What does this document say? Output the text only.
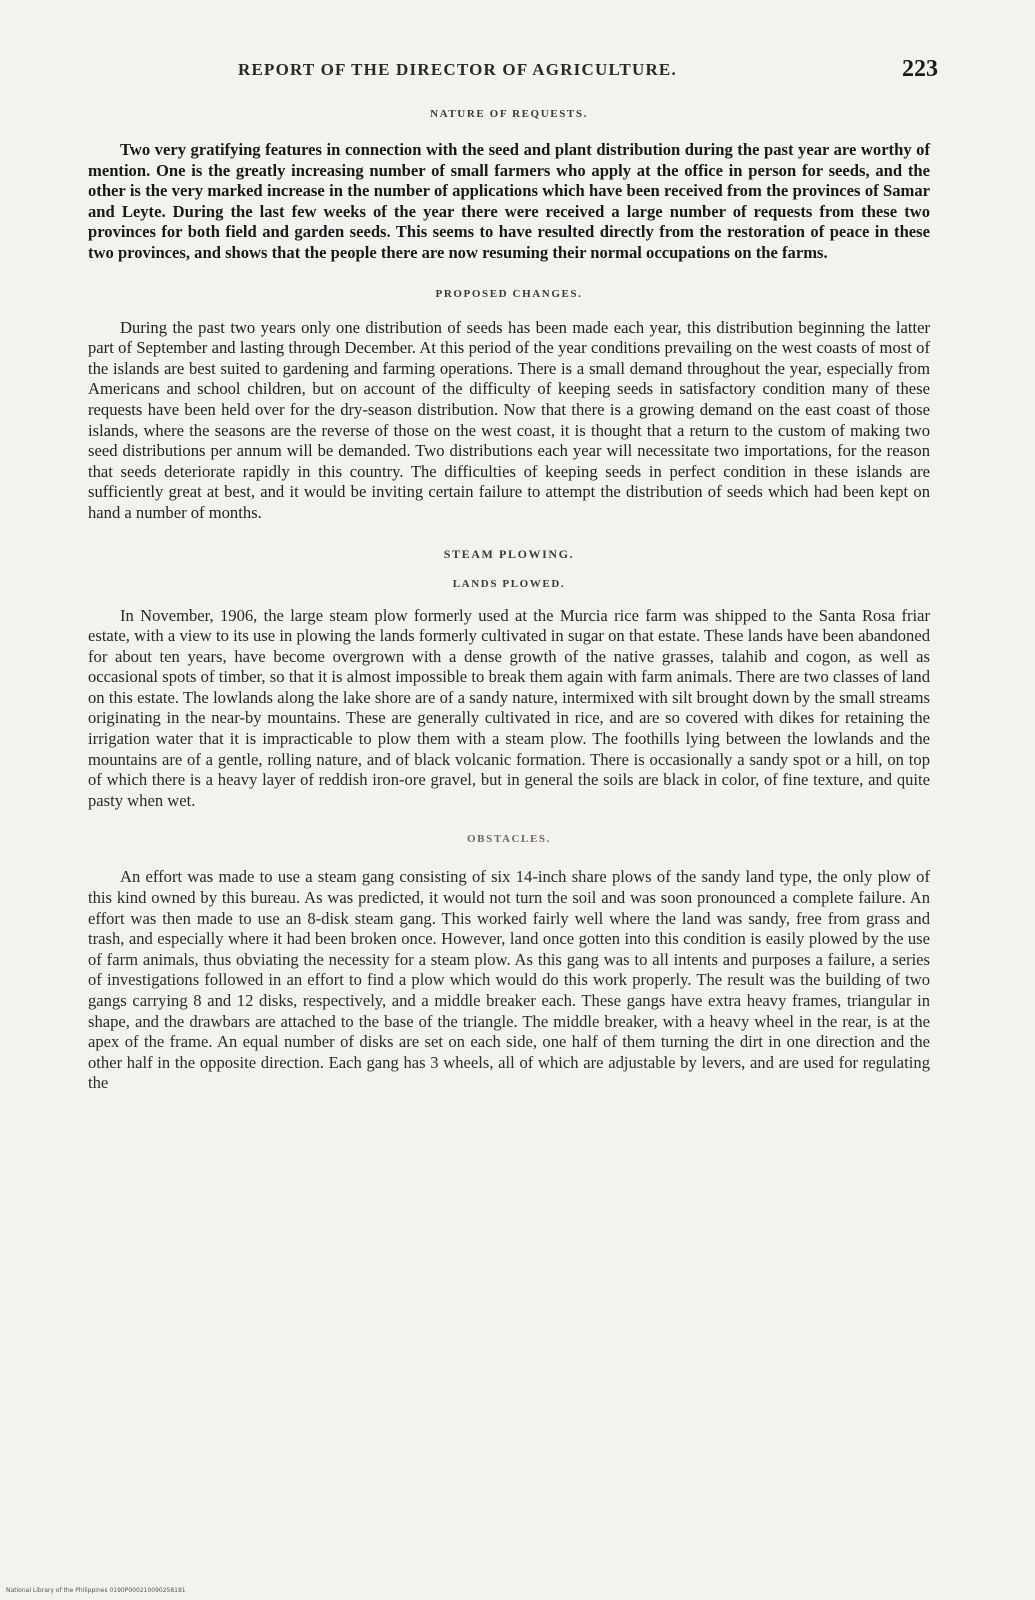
REPORT OF THE DIRECTOR OF AGRICULTURE.	223
NATURE OF REQUESTS.

Two very gratifying features in connection with the seed and plant distribution during the past year are worthy of mention. One is the greatly increasing number of small farmers who apply at the office in person for seeds, and the other is the very marked increase in the number of applications which have been received from the provinces of Samar and Leyte. During the last few weeks of the year there were received a large number of requests from these two provinces for both field and garden seeds. This seems to have resulted directly from the restoration of peace in these two provinces, and shows that the people there are now resuming their normal occupations on the farms.

PROPOSED CHANGES.

During the past two years only one distribution of seeds has been made each year, this distribution beginning the latter part of September and lasting through December. At this period of the year conditions prevailing on the west coasts of most of the islands are best suited to gardening and farming operations. There is a small demand throughout the year, especially from Americans and school children, but on account of the difficulty of keeping seeds in satisfactory condition many of these requests have been held over for the dry-season distribution. Now that there is a growing demand on the east coast of those islands, where the seasons are the reverse of those on the west coast, it is thought that a return to the custom of making two seed distributions per annum will be demanded. Two distributions each year will necessitate two importations, for the reason that seeds deteriorate rapidly in this country. The difficulties of keeping seeds in perfect condition in these islands are sufficiently great at best, and it would be inviting certain failure to attempt the distribution of seeds which had been kept on hand a number of months.

STEAM PLOWING.
LANDS PLOWED.

In November, 1906, the large steam plow formerly used at the Murcia rice farm was shipped to the Santa Rosa friar estate, with a view to its use in plowing the lands formerly cultivated in sugar on that estate. These lands have been abandoned for about ten years, have become overgrown with a dense growth of the native grasses, talahib and cogon, as well as occasional spots of timber, so that it is almost impossible to break them again with farm animals. There are two classes of land on this estate. The lowlands along the lake shore are of a sandy nature, intermixed with silt brought down by the small streams originating in the near-by mountains. These are generally cultivated in rice, and are so covered with dikes for retaining the irrigation water that it is impracticable to plow them with a steam plow. The foothills lying between the lowlands and the mountains are of a gentle, rolling nature, and of black volcanic formation. There is occasionally a sandy spot or a hill, on top of which there is a heavy layer of reddish iron-ore gravel, but in general the soils are black in color, of fine texture, and quite pasty when wet.

OBSTACLES.

An effort was made to use a steam gang consisting of six 14-inch share plows of the sandy land type, the only plow of this kind owned by this bureau. As was predicted, it would not turn the soil and was soon pronounced a complete failure. An effort was then made to use an 8-disk steam gang. This worked fairly well where the land was sandy, free from grass and trash, and especially where it had been broken once. However, land once gotten into this condition is easily plowed by the use of farm animals, thus obviating the necessity for a steam plow. As this gang was to all intents and purposes a failure, a series of investigations followed in an effort to find a plow which would do this work properly. The result was the building of two gangs carrying 8 and 12 disks, respectively, and a middle breaker each. These gangs have extra heavy frames, triangular in shape, and the drawbars are attached to the base of the triangle. The middle breaker, with a heavy wheel in the rear, is at the apex of the frame. An equal number of disks are set on each side, one half of them turning the dirt in one direction and the other half in the opposite direction. Each gang has 3 wheels, all of which are adjustable by levers, and are used for regulating the

National Library of the Philippines 0190P000210090258181
